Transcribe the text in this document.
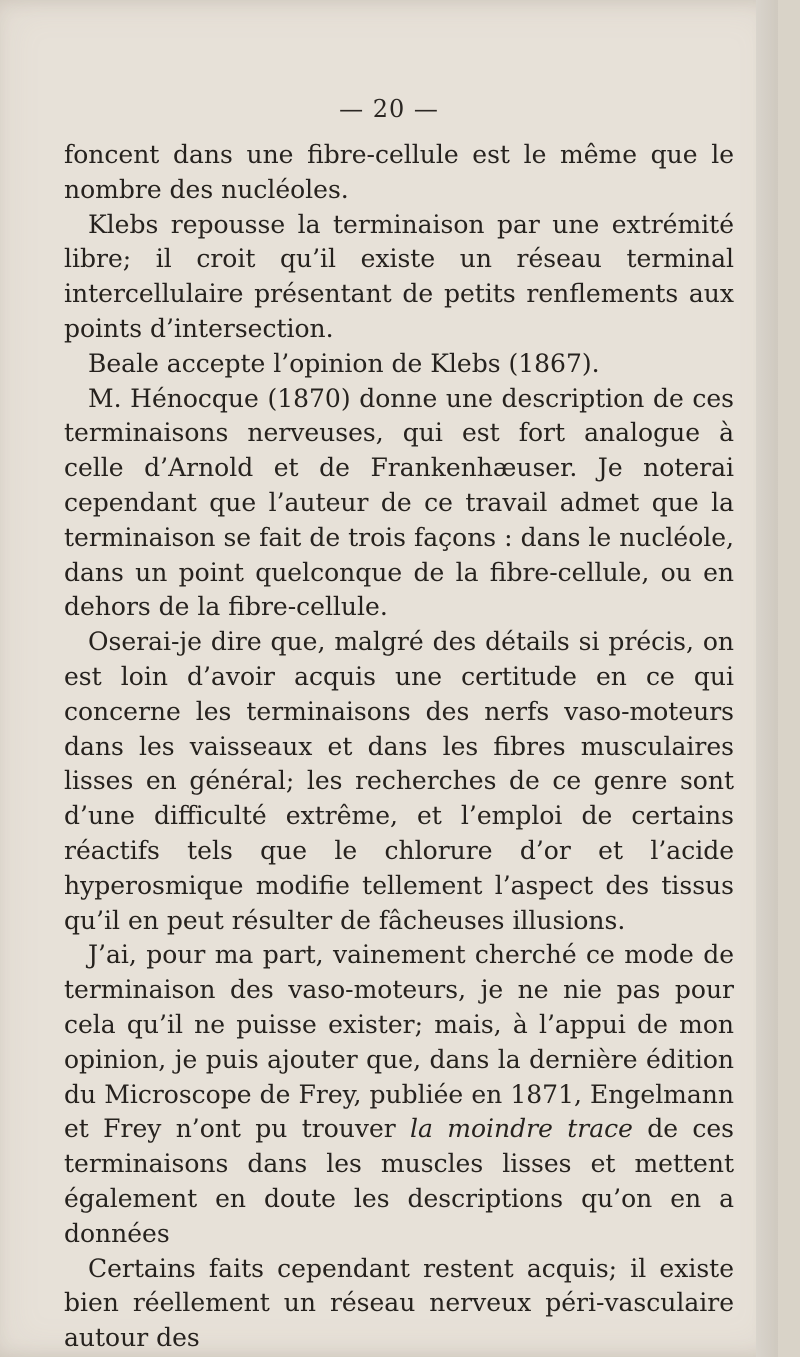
— 20 —

foncent dans une fibre-cellule est le même que le nombre des nucléoles.

Klebs repousse la terminaison par une extrémité libre; il croit qu’il existe un réseau terminal intercellulaire présentant de petits renflements aux points d’intersection.

Beale accepte l’opinion de Klebs (1867).

M. Hénocque (1870) donne une description de ces terminaisons nerveuses, qui est fort analogue à celle d’Arnold et de Frankenhæuser. Je noterai cependant que l’auteur de ce travail admet que la terminaison se fait de trois façons : dans le nucléole, dans un point quelconque de la fibre-cellule, ou en dehors de la fibre-cellule.

Oserai-je dire que, malgré des détails si précis, on est loin d’avoir acquis une certitude en ce qui concerne les terminaisons des nerfs vaso-moteurs dans les vaisseaux et dans les fibres musculaires lisses en général; les recherches de ce genre sont d’une difficulté extrême, et l’emploi de certains réactifs tels que le chlorure d’or et l’acide hyperosmique modifie tellement l’aspect des tissus qu’il en peut résulter de fâcheuses illusions.

J’ai, pour ma part, vainement cherché ce mode de terminaison des vaso-moteurs, je ne nie pas pour cela qu’il ne puisse exister; mais, à l’appui de mon opinion, je puis ajouter que, dans la dernière édition du Microscope de Frey, publiée en 1871, Engelmann et Frey n’ont pu trouver la moindre trace de ces terminaisons dans les muscles lisses et mettent également en doute les descriptions qu’on en a données

Certains faits cependant restent acquis; il existe bien réellement un réseau nerveux péri-vasculaire autour des
